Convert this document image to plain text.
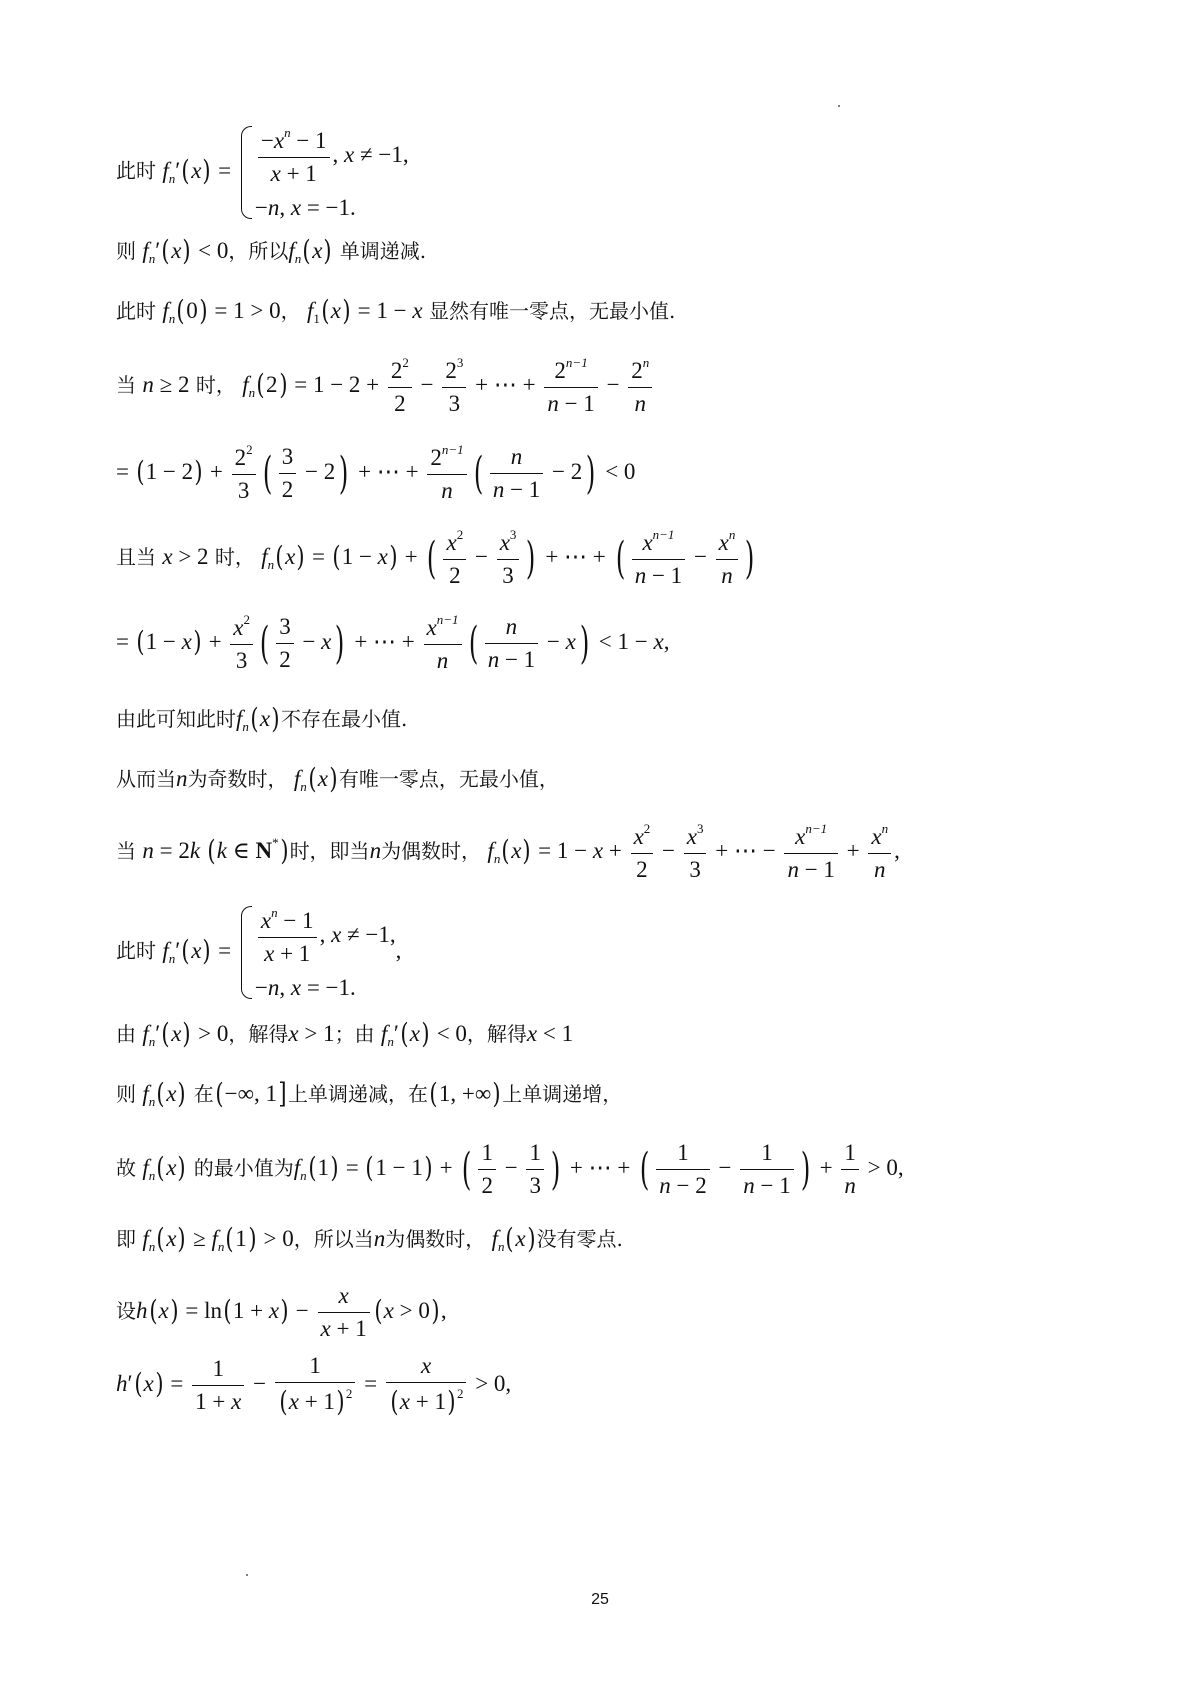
此时 $f_n'(x) = \frac{-x^n - 1}{x + 1}$ , x ≠ −1,
−n, x = −1.
则 $f_n'(x) < 0$，所以$f_n(x)$ 单调递减.
此时 $f_n(0) = 1 > 0$， $f_1(x) = 1 - x$ 显然有唯一零点，无最小值.
当 n ≥ 2 时， $f_n(2) = 1 - 2 + \frac{2^2}{2} - \frac{2^3}{3}$ + ⋯ + $\frac{2^{n-1}}{n - 1} - \frac{2^n}{n}$
= $(1 - 2) + \frac{2^2}{3}$ ( $\frac{3}{2} - 2$) + ⋯ + $\frac{2^{n-1}}{n}$ ( $\frac{n}{n - 1} - 2) < 0$
且当 x > 2 时， $f_n(x) = (1 - x)$ + ( $\frac{x^2}{2} - \frac{x^3}{3}$ ) + ⋯ + ( $\frac{x^{n-1}}{n - 1} - \frac{x^n}{n}$ )
= $(1 - x) + \frac{x^2}{3}$ ( $\frac{3}{2} - x$) + ⋯ + $\frac{x^{n-1}}{n}$ ( $\frac{n}{n - 1} - x) < 1 - x$,
由此可知此时$f_n(x)$不存在最小值.
从而当n为奇数时， $f_n(x)$有唯一零点，无最小值，
当 n = 2k (k ∈ N*)时，即当n为偶数时， $f_n(x) = 1 - x + \frac{x^2}{2} - \frac{x^3}{3}$ + ⋯ − $\frac{x^{n-1}}{n - 1} + \frac{x^n}{n}$ ,
此时 $f_n'(x) = \frac{x^n - 1}{x + 1}$ , x ≠ −1,
−n, x = −1.
,
由 $f_n'(x) > 0$，解得x > 1；由 $f_n'(x) < 0$，解得x < 1
则 $f_n(x)$ 在(−∞, 1]上单调递减，在(1, +∞)上单调递增，
故 $f_n(x)$ 的最小值为$f_n(1) = (1 - 1)$ + ( $\frac{1}{2} - \frac{1}{3}$ ) + ⋯ + ( $\frac{1}{n - 2} - \frac{1}{n - 1}$ ) + $\frac{1}{n} > 0$,
即 $f_n(x) \ge f_n(1) > 0$，所以当n为偶数时， $f_n(x)$没有零点.
设$h(x) = \ln(1 + x) - \frac{x}{x + 1} (x > 0)$,
$h'(x) = \frac{1}{1 + x} - \frac{1}{(x + 1)^2} = \frac{x}{(x + 1)^2} > 0$,
25
